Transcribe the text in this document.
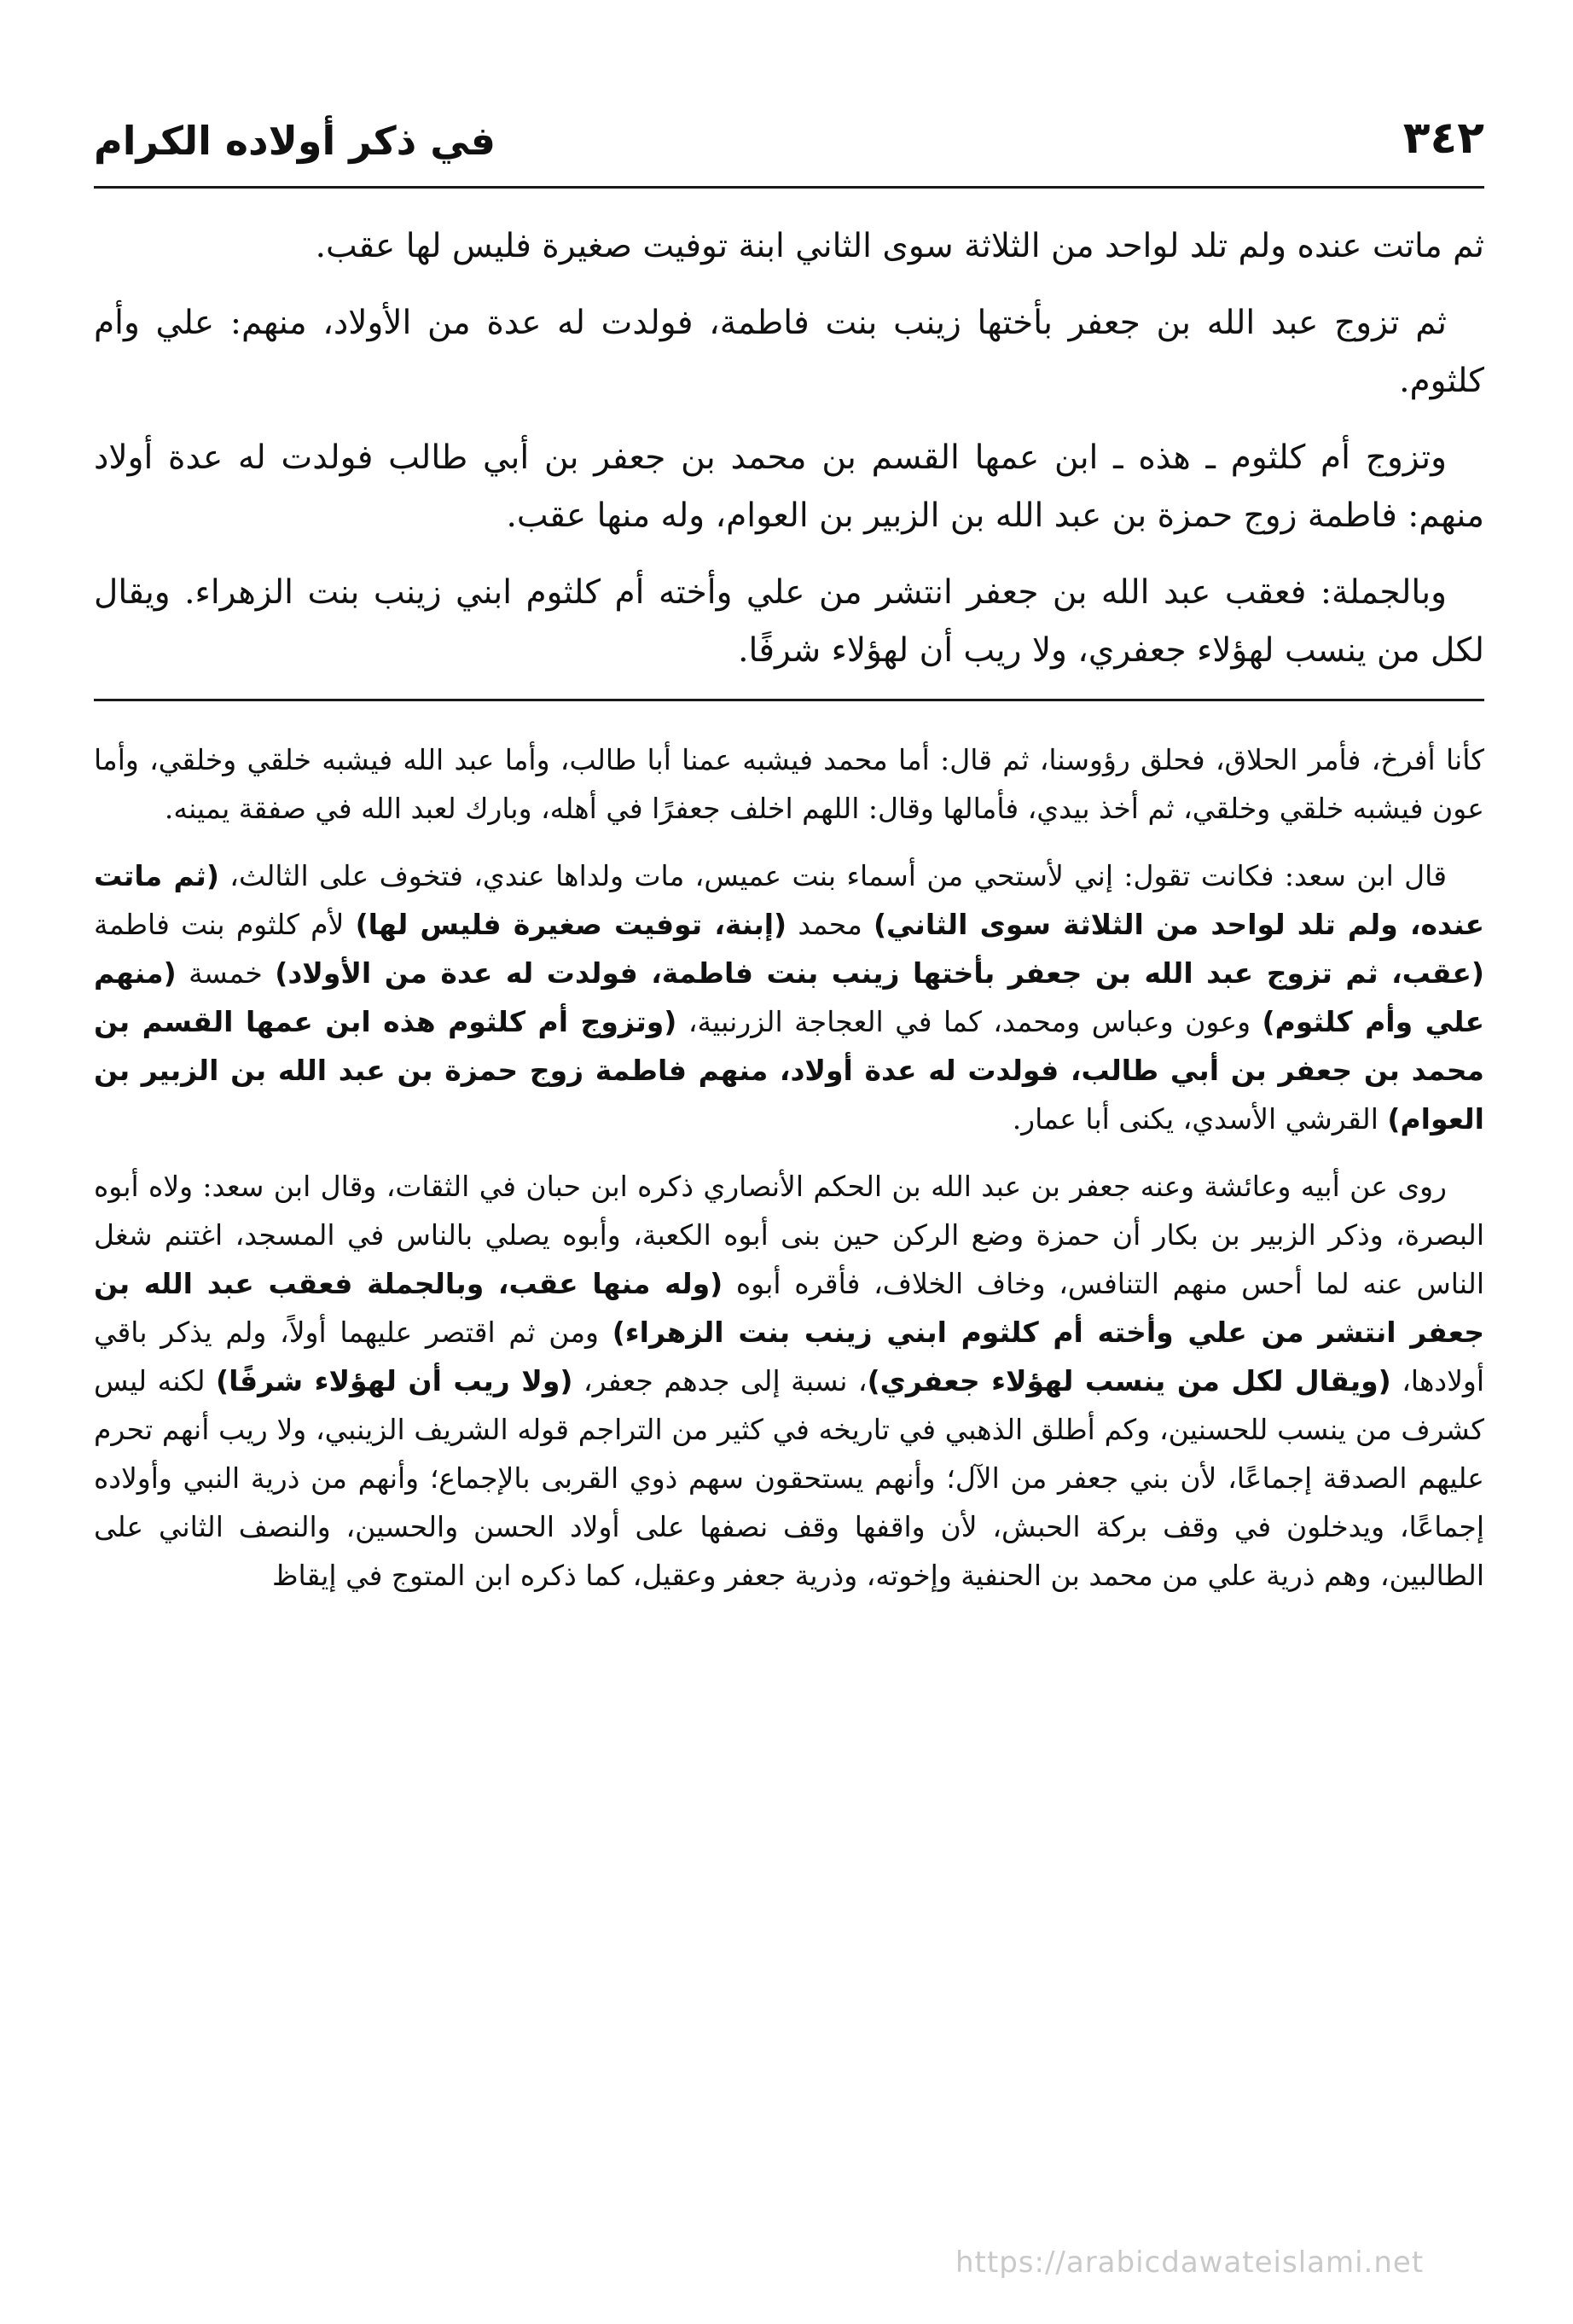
٣٤٢
في ذكر أولاده الكرام

ثم ماتت عنده ولم تلد لواحد من الثلاثة سوى الثاني ابنة توفيت صغيرة فليس لها عقب.

ثم تزوج عبد الله بن جعفر بأختها زينب بنت فاطمة، فولدت له عدة من الأولاد، منهم: علي وأم كلثوم.

وتزوج أم كلثوم ـ هذه ـ ابن عمها القسم بن محمد بن جعفر بن أبي طالب فولدت له عدة أولاد منهم: فاطمة زوج حمزة بن عبد الله بن الزبير بن العوام، وله منها عقب.

وبالجملة: فعقب عبد الله بن جعفر انتشر من علي وأخته أم كلثوم ابني زينب بنت الزهراء. ويقال لكل من ينسب لهؤلاء جعفري، ولا ريب أن لهؤلاء شرفًا.

كأنا أفرخ، فأمر الحلاق، فحلق رؤوسنا، ثم قال: أما محمد فيشبه عمنا أبا طالب، وأما عبد الله فيشبه خلقي وخلقي، وأما عون فيشبه خلقي وخلقي، ثم أخذ بيدي، فأمالها وقال: اللهم اخلف جعفرًا في أهله، وبارك لعبد الله في صفقة يمينه.

قال ابن سعد: فكانت تقول: إني لأستحي من أسماء بنت عميس، مات ولداها عندي، فتخوف على الثالث، (ثم ماتت عنده، ولم تلد لواحد من الثلاثة سوى الثاني) محمد (إبنة، توفيت صغيرة فليس لها) لأم كلثوم بنت فاطمة (عقب، ثم تزوج عبد الله بن جعفر بأختها زينب بنت فاطمة، فولدت له عدة من الأولاد) خمسة (منهم علي وأم كلثوم) وعون وعباس ومحمد، كما في العجاجة الزرنبية، (وتزوج أم كلثوم هذه ابن عمها القسم بن محمد بن جعفر بن أبي طالب، فولدت له عدة أولاد، منهم فاطمة زوج حمزة بن عبد الله بن الزبير بن العوام) القرشي الأسدي، يكنى أبا عمار.

روى عن أبيه وعائشة وعنه جعفر بن عبد الله بن الحكم الأنصاري ذكره ابن حبان في الثقات، وقال ابن سعد: ولاه أبوه البصرة، وذكر الزبير بن بكار أن حمزة وضع الركن حين بنى أبوه الكعبة، وأبوه يصلي بالناس في المسجد، اغتنم شغل الناس عنه لما أحس منهم التنافس، وخاف الخلاف، فأقره أبوه (وله منها عقب، وبالجملة فعقب عبد الله بن جعفر انتشر من علي وأخته أم كلثوم ابني زينب بنت الزهراء) ومن ثم اقتصر عليهما أولاً، ولم يذكر باقي أولادها، (ويقال لكل من ينسب لهؤلاء جعفري)، نسبة إلى جدهم جعفر، (ولا ريب أن لهؤلاء شرفًا) لكنه ليس كشرف من ينسب للحسنين، وكم أطلق الذهبي في تاريخه في كثير من التراجم قوله الشريف الزينبي، ولا ريب أنهم تحرم عليهم الصدقة إجماعًا، لأن بني جعفر من الآل؛ وأنهم يستحقون سهم ذوي القربى بالإجماع؛ وأنهم من ذرية النبي وأولاده إجماعًا، ويدخلون في وقف بركة الحبش، لأن واقفها وقف نصفها على أولاد الحسن والحسين، والنصف الثاني على الطالبين، وهم ذرية علي من محمد بن الحنفية وإخوته، وذرية جعفر وعقيل، كما ذكره ابن المتوج في إيقاظ

https://arabicdawateislami.net
